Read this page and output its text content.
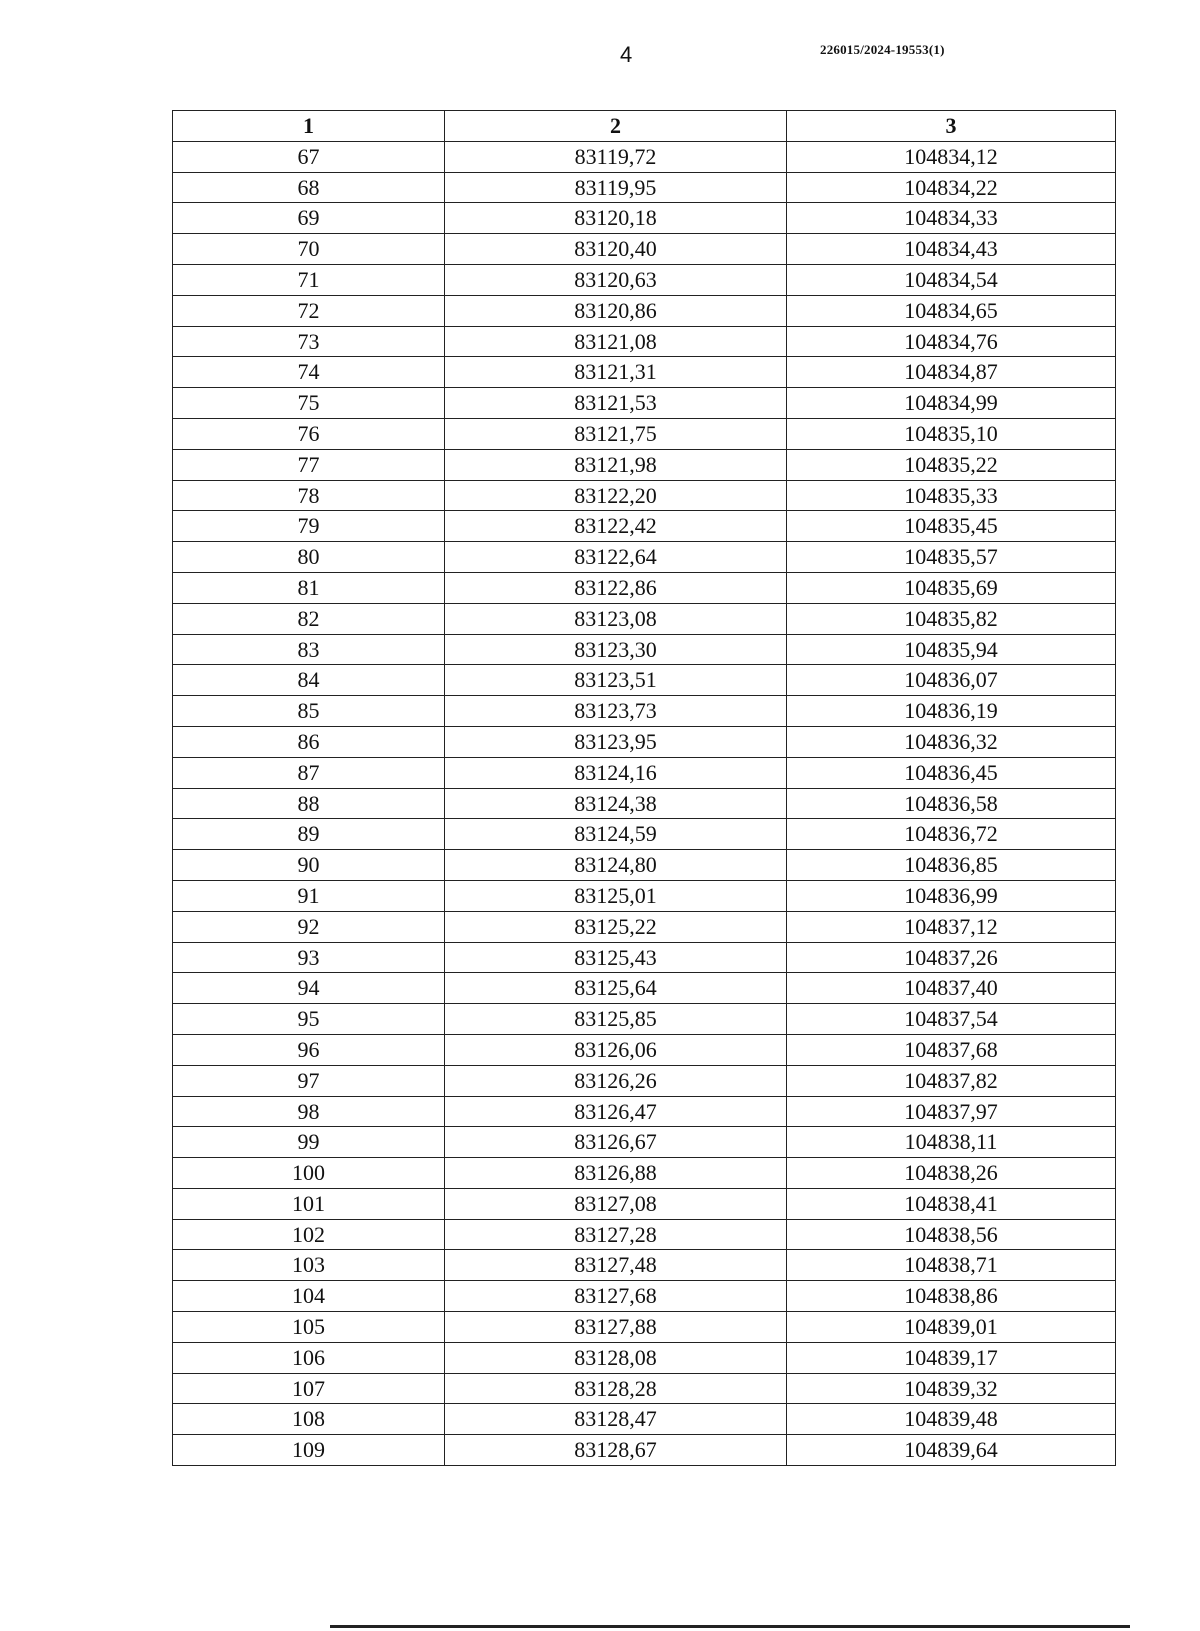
4	226015/2024-19553(1)
1	2	3
67	83119,72	104834,12
68	83119,95	104834,22
69	83120,18	104834,33
70	83120,40	104834,43
71	83120,63	104834,54
72	83120,86	104834,65
73	83121,08	104834,76
74	83121,31	104834,87
75	83121,53	104834,99
76	83121,75	104835,10
77	83121,98	104835,22
78	83122,20	104835,33
79	83122,42	104835,45
80	83122,64	104835,57
81	83122,86	104835,69
82	83123,08	104835,82
83	83123,30	104835,94
84	83123,51	104836,07
85	83123,73	104836,19
86	83123,95	104836,32
87	83124,16	104836,45
88	83124,38	104836,58
89	83124,59	104836,72
90	83124,80	104836,85
91	83125,01	104836,99
92	83125,22	104837,12
93	83125,43	104837,26
94	83125,64	104837,40
95	83125,85	104837,54
96	83126,06	104837,68
97	83126,26	104837,82
98	83126,47	104837,97
99	83126,67	104838,11
100	83126,88	104838,26
101	83127,08	104838,41
102	83127,28	104838,56
103	83127,48	104838,71
104	83127,68	104838,86
105	83127,88	104839,01
106	83128,08	104839,17
107	83128,28	104839,32
108	83128,47	104839,48
109	83128,67	104839,64
